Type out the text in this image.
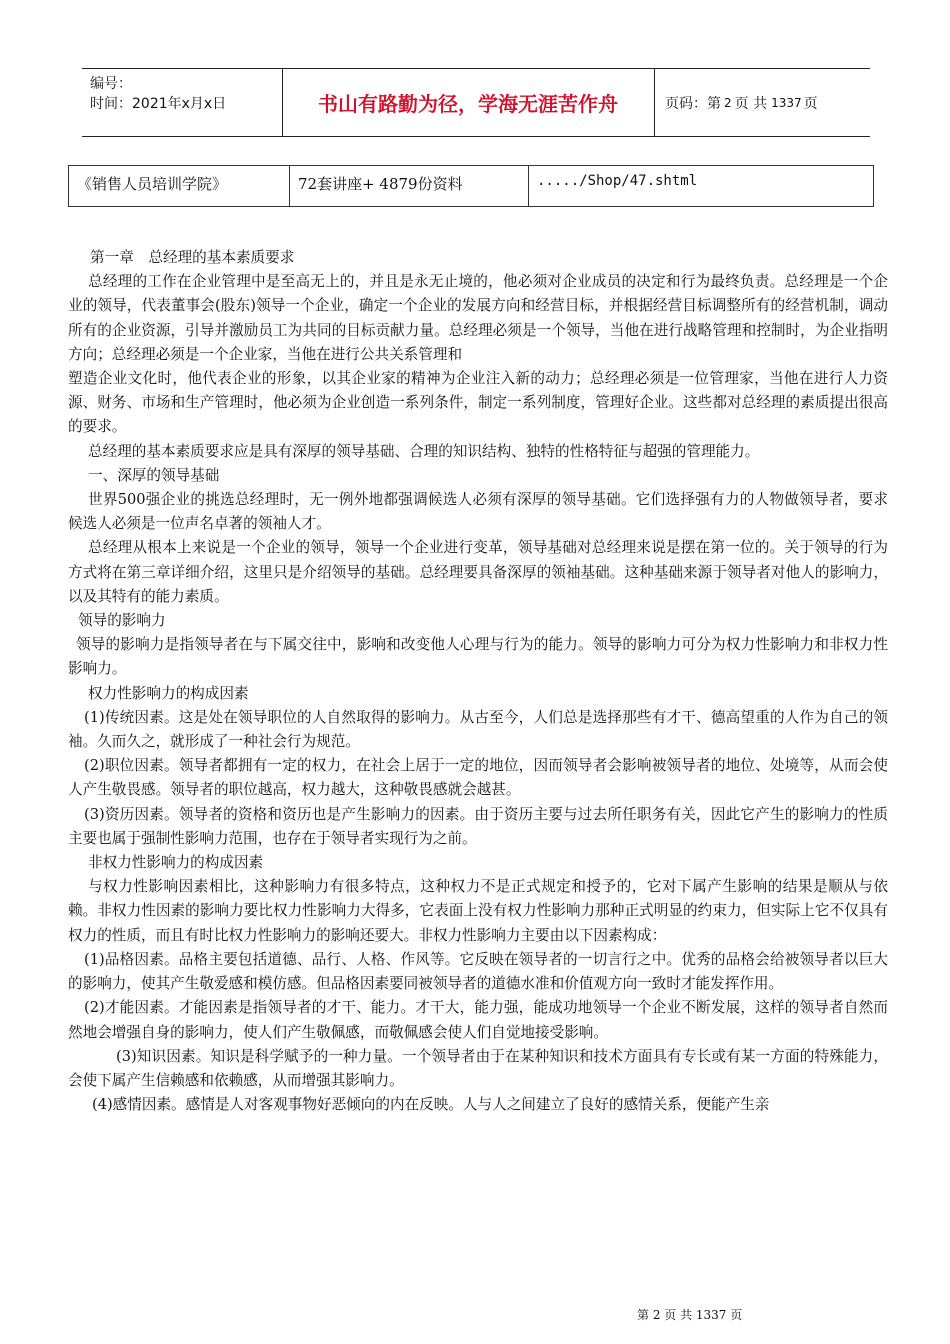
编号：
时间：2021年x月x日	书山有路勤为径，学海无涯苦作舟	页码：第 2 页 共 1337 页
《销售人员培训学院》	72套讲座+ 4879份资料	...../Shop/47.shtml

第一章　总经理的基本素质要求

总经理的工作在企业管理中是至高无上的，并且是永无止境的，他必须对企业成员的决定和行为最终负责。总经理是一个企业的领导，代表董事会(股东)领导一个企业，确定一个企业的发展方向和经营目标，并根据经营目标调整所有的经营机制，调动所有的企业资源，引导并激励员工为共同的目标贡献力量。总经理必须是一个领导，当他在进行战略管理和控制时，为企业指明方向；总经理必须是一个企业家，当他在进行公共关系管理和

塑造企业文化时，他代表企业的形象，以其企业家的精神为企业注入新的动力；总经理必须是一位管理家，当他在进行人力资源、财务、市场和生产管理时，他必须为企业创造一系列条件，制定一系列制度，管理好企业。这些都对总经理的素质提出很高的要求。

总经理的基本素质要求应是具有深厚的领导基础、合理的知识结构、独特的性格特征与超强的管理能力。

一、深厚的领导基础

世界500强企业的挑选总经理时，无一例外地都强调候选人必须有深厚的领导基础。它们选择强有力的人物做领导者，要求候选人必须是一位声名卓著的领袖人才。

总经理从根本上来说是一个企业的领导，领导一个企业进行变革，领导基础对总经理来说是摆在第一位的。关于领导的行为方式将在第三章详细介绍，这里只是介绍领导的基础。总经理要具备深厚的领袖基础。这种基础来源于领导者对他人的影响力，以及其特有的能力素质。

领导的影响力

领导的影响力是指领导者在与下属交往中，影响和改变他人心理与行为的能力。领导的影响力可分为权力性影响力和非权力性影响力。

权力性影响力的构成因素

(1)传统因素。这是处在领导职位的人自然取得的影响力。从古至今，人们总是选择那些有才干、德高望重的人作为自己的领袖。久而久之，就形成了一种社会行为规范。

(2)职位因素。领导者都拥有一定的权力，在社会上居于一定的地位，因而领导者会影响被领导者的地位、处境等，从而会使人产生敬畏感。领导者的职位越高，权力越大，这种敬畏感就会越甚。

(3)资历因素。领导者的资格和资历也是产生影响力的因素。由于资历主要与过去所任职务有关，因此它产生的影响力的性质主要也属于强制性影响力范围，也存在于领导者实现行为之前。

非权力性影响力的构成因素

与权力性影响因素相比，这种影响力有很多特点，这种权力不是正式规定和授予的，它对下属产生影响的结果是顺从与依赖。非权力性因素的影响力要比权力性影响力大得多，它表面上没有权力性影响力那种正式明显的约束力，但实际上它不仅具有权力的性质，而且有时比权力性影响力的影响还要大。非权力性影响力主要由以下因素构成：

(1)品格因素。品格主要包括道德、品行、人格、作风等。它反映在领导者的一切言行之中。优秀的品格会给被领导者以巨大的影响力，使其产生敬爱感和模仿感。但品格因素要同被领导者的道德水准和价值观方向一致时才能发挥作用。

(2)才能因素。才能因素是指领导者的才干、能力。才干大，能力强，能成功地领导一个企业不断发展，这样的领导者自然而然地会增强自身的影响力，使人们产生敬佩感，而敬佩感会使人们自觉地接受影响。

(3)知识因素。知识是科学赋予的一种力量。一个领导者由于在某种知识和技术方面具有专长或有某一方面的特殊能力，会使下属产生信赖感和依赖感，从而增强其影响力。

(4)感情因素。感情是人对客观事物好恶倾向的内在反映。人与人之间建立了良好的感情关系，便能产生亲

第 2 页 共 1337 页
